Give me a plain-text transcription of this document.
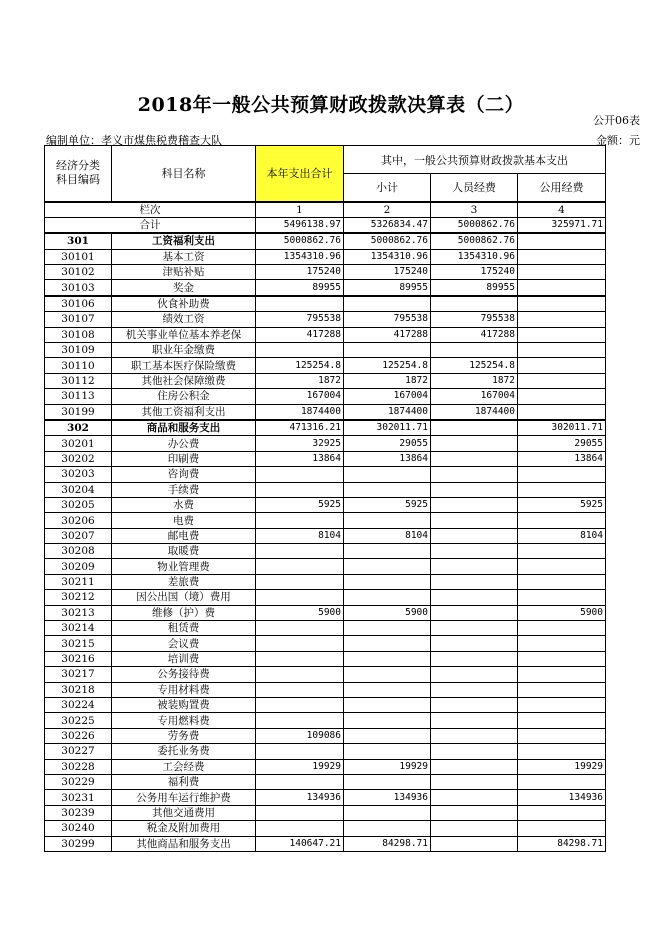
2018年一般公共预算财政拨款决算表（二）
公开06表
编制单位：孝义市煤焦税费稽查大队	金额：元
经济分类
科目编码	科目名称	本年支出合计	其中，一般公共预算财政拨款基本支出		
			小计	人员经费	公用经费
栏次		1	2	3	4
合计		5496138.97	5326834.47	5000862.76	325971.71
301	工资福利支出	5000862.76	5000862.76	5000862.76	
30101	基本工资	1354310.96	1354310.96	1354310.96	
30102	津贴补贴	175240	175240	175240	
30103	奖金	89955	89955	89955	
30106	伙食补助费				
30107	绩效工资	795538	795538	795538	
30108	机关事业单位基本养老保	417288	417288	417288	
30109	职业年金缴费				
30110	职工基本医疗保险缴费	125254.8	125254.8	125254.8	
30112	其他社会保障缴费	1872	1872	1872	
30113	住房公积金	167004	167004	167004	
30199	其他工资福利支出	1874400	1874400	1874400	
302	商品和服务支出	471316.21	302011.71		302011.71
30201	办公费	32925	29055		29055
30202	印刷费	13864	13864		13864
30203	咨询费				
30204	手续费				
30205	水费	5925	5925		5925
30206	电费				
30207	邮电费	8104	8104		8104
30208	取暖费				
30209	物业管理费				
30211	差旅费				
30212	因公出国（境）费用				
30213	维修（护）费	5900	5900		5900
30214	租赁费				
30215	会议费				
30216	培训费				
30217	公务接待费				
30218	专用材料费				
30224	被装购置费				
30225	专用燃料费				
30226	劳务费	109086			
30227	委托业务费				
30228	工会经费	19929	19929		19929
30229	福利费				
30231	公务用车运行维护费	134936	134936		134936
30239	其他交通费用				
30240	税金及附加费用				
30299	其他商品和服务支出	140647.21	84298.71		84298.71
